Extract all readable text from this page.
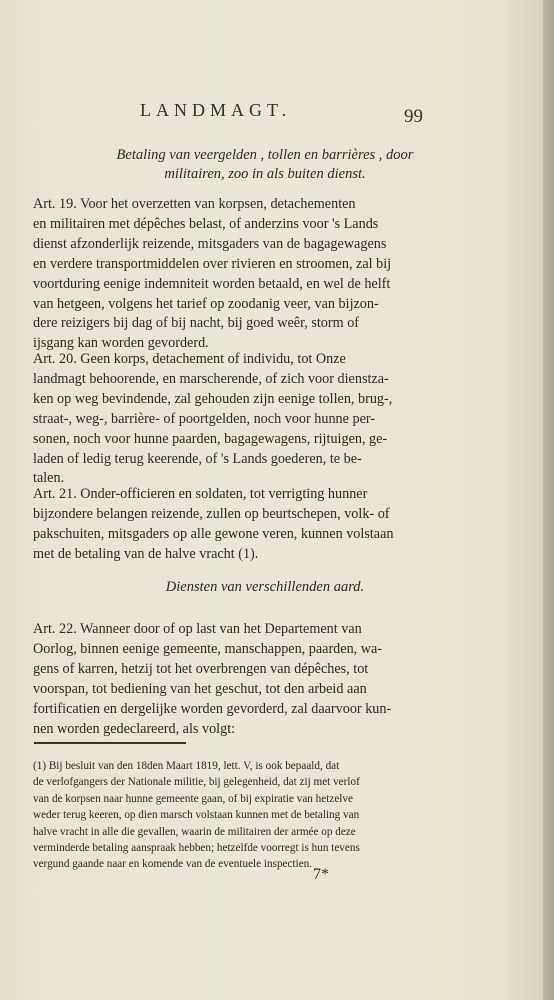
LANDMAGT.	99
Betaling van veergelden , tollen en barrières , door
militairen, zoo in als buiten dienst.
Art. 19. Voor het overzetten van korpsen, detachementen
en militairen met dépêches belast, of anderzins voor 's Lands
dienst afzonderlijk reizende, mitsgaders van de bagagewagens
en verdere transportmiddelen over rivieren en stroomen, zal bij
voortduring eenige indemniteit worden betaald, en wel de helft
van hetgeen, volgens het tarief op zoodanig veer, van bijzon-
dere reizigers bij dag of bij nacht, bij goed weêr, storm of
ijsgang kan worden gevorderd.
Art. 20. Geen korps, detachement of individu, tot Onze
landmagt behoorende, en marscherende, of zich voor dienstza-
ken op weg bevindende, zal gehouden zijn eenige tollen, brug-,
straat-, weg-, barrière- of poortgelden, noch voor hunne per-
sonen, noch voor hunne paarden, bagagewagens, rijtuigen, ge-
laden of ledig terug keerende, of 's Lands goederen, te be-
talen.
Art. 21. Onder-officieren en soldaten, tot verrigting hunner
bijzondere belangen reizende, zullen op beurtschepen, volk- of
pakschuiten, mitsgaders op alle gewone veren, kunnen volstaan
met de betaling van de halve vracht (1).
Diensten van verschillenden aard.
Art. 22. Wanneer door of op last van het Departement van
Oorlog, binnen eenige gemeente, manschappen, paarden, wa-
gens of karren, hetzij tot het overbrengen van dépêches, tot
voorspan, tot bediening van het geschut, tot den arbeid aan
fortificatien en dergelijke worden gevorderd, zal daarvoor kun-
nen worden gedeclareerd, als volgt:
(1) Bij besluit van den 18den Maart 1819, lett. V, is ook bepaald, dat
de verlofgangers der Nationale militie, bij gelegenheid, dat zij met verlof
van de korpsen naar hunne gemeente gaan, of bij expiratie van hetzelve
weder terug keeren, op dien marsch volstaan kunnen met de betaling van
halve vracht in alle die gevallen, waarin de militairen der armée op deze
verminderde betaling aanspraak hebben; hetzelfde voorregt is hun tevens
vergund gaande naar en komende van de eventuele inspectien.
7*
